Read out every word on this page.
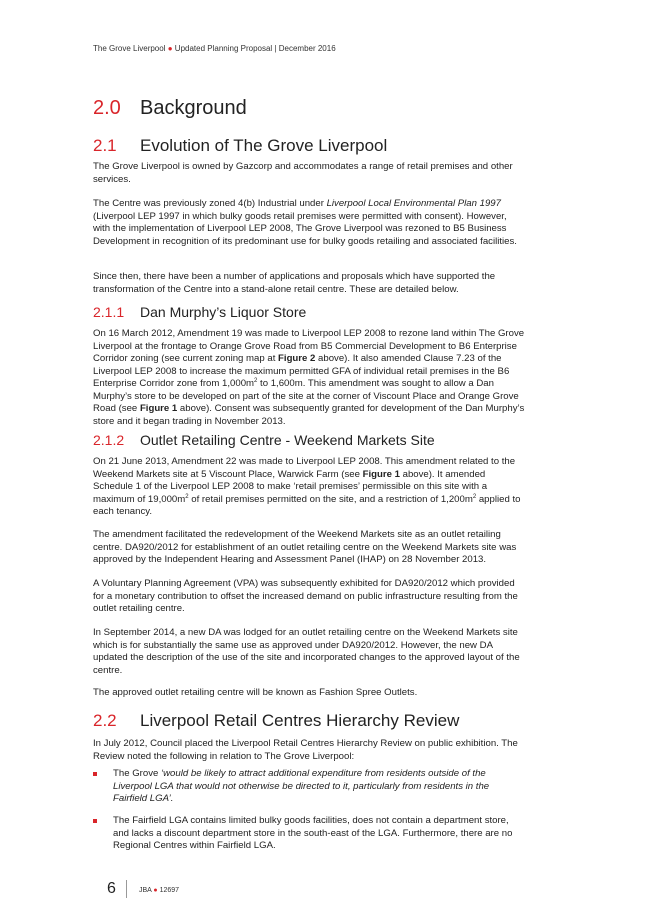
The Grove Liverpool ● Updated Planning Proposal | December 2016
2.0 Background
2.1 Evolution of The Grove Liverpool

The Grove Liverpool is owned by Gazcorp and accommodates a range of retail premises and other services.

The Centre was previously zoned 4(b) Industrial under Liverpool Local Environmental Plan 1997 (Liverpool LEP 1997 in which bulky goods retail premises were permitted with consent). However, with the implementation of Liverpool LEP 2008, The Grove Liverpool was rezoned to B5 Business Development in recognition of its predominant use for bulky goods retailing and associated facilities.

Since then, there have been a number of applications and proposals which have supported the transformation of the Centre into a stand-alone retail centre. These are detailed below.

2.1.1 Dan Murphy’s Liquor Store

On 16 March 2012, Amendment 19 was made to Liverpool LEP 2008 to rezone land within The Grove Liverpool at the frontage to Orange Grove Road from B5 Commercial Development to B6 Enterprise Corridor zoning (see current zoning map at Figure 2 above). It also amended Clause 7.23 of the Liverpool LEP 2008 to increase the maximum permitted GFA of individual retail premises in the B6 Enterprise Corridor zone from $1,000m^2$ to 1,600m. This amendment was sought to allow a Dan Murphy’s store to be developed on part of the site at the corner of Viscount Place and Orange Grove Road (see Figure 1 above). Consent was subsequently granted for development of the Dan Murphy’s store and it began trading in November 2013.

2.1.2 Outlet Retailing Centre - Weekend Markets Site

On 21 June 2013, Amendment 22 was made to Liverpool LEP 2008. This amendment related to the Weekend Markets site at 5 Viscount Place, Warwick Farm (see Figure 1 above). It amended Schedule 1 of the Liverpool LEP 2008 to make ‘retail premises’ permissible on this site with a maximum of $19,000m^2$ of retail premises permitted on the site, and a restriction of $1,200m^2$ applied to each tenancy.

The amendment facilitated the redevelopment of the Weekend Markets site as an outlet retailing centre. DA920/2012 for establishment of an outlet retailing centre on the Weekend Markets site was approved by the Independent Hearing and Assessment Panel (IHAP) on 28 November 2013.

A Voluntary Planning Agreement (VPA) was subsequently exhibited for DA920/2012 which provided for a monetary contribution to offset the increased demand on public infrastructure resulting from the outlet retailing centre.

In September 2014, a new DA was lodged for an outlet retailing centre on the Weekend Markets site which is for substantially the same use as approved under DA920/2012. However, the new DA updated the description of the use of the site and incorporated changes to the approved layout of the centre.

The approved outlet retailing centre will be known as Fashion Spree Outlets.

2.2 Liverpool Retail Centres Hierarchy Review

In July 2012, Council placed the Liverpool Retail Centres Hierarchy Review on public exhibition. The Review noted the following in relation to The Grove Liverpool:

The Grove ‘would be likely to attract additional expenditure from residents outside of the Liverpool LGA that would not otherwise be directed to it, particularly from residents in the Fairfield LGA’.
The Fairfield LGA contains limited bulky goods facilities, does not contain a department store, and lacks a discount department store in the south-east of the LGA. Furthermore, there are no Regional Centres within Fairfield LGA.
6	JBA ● 12697
